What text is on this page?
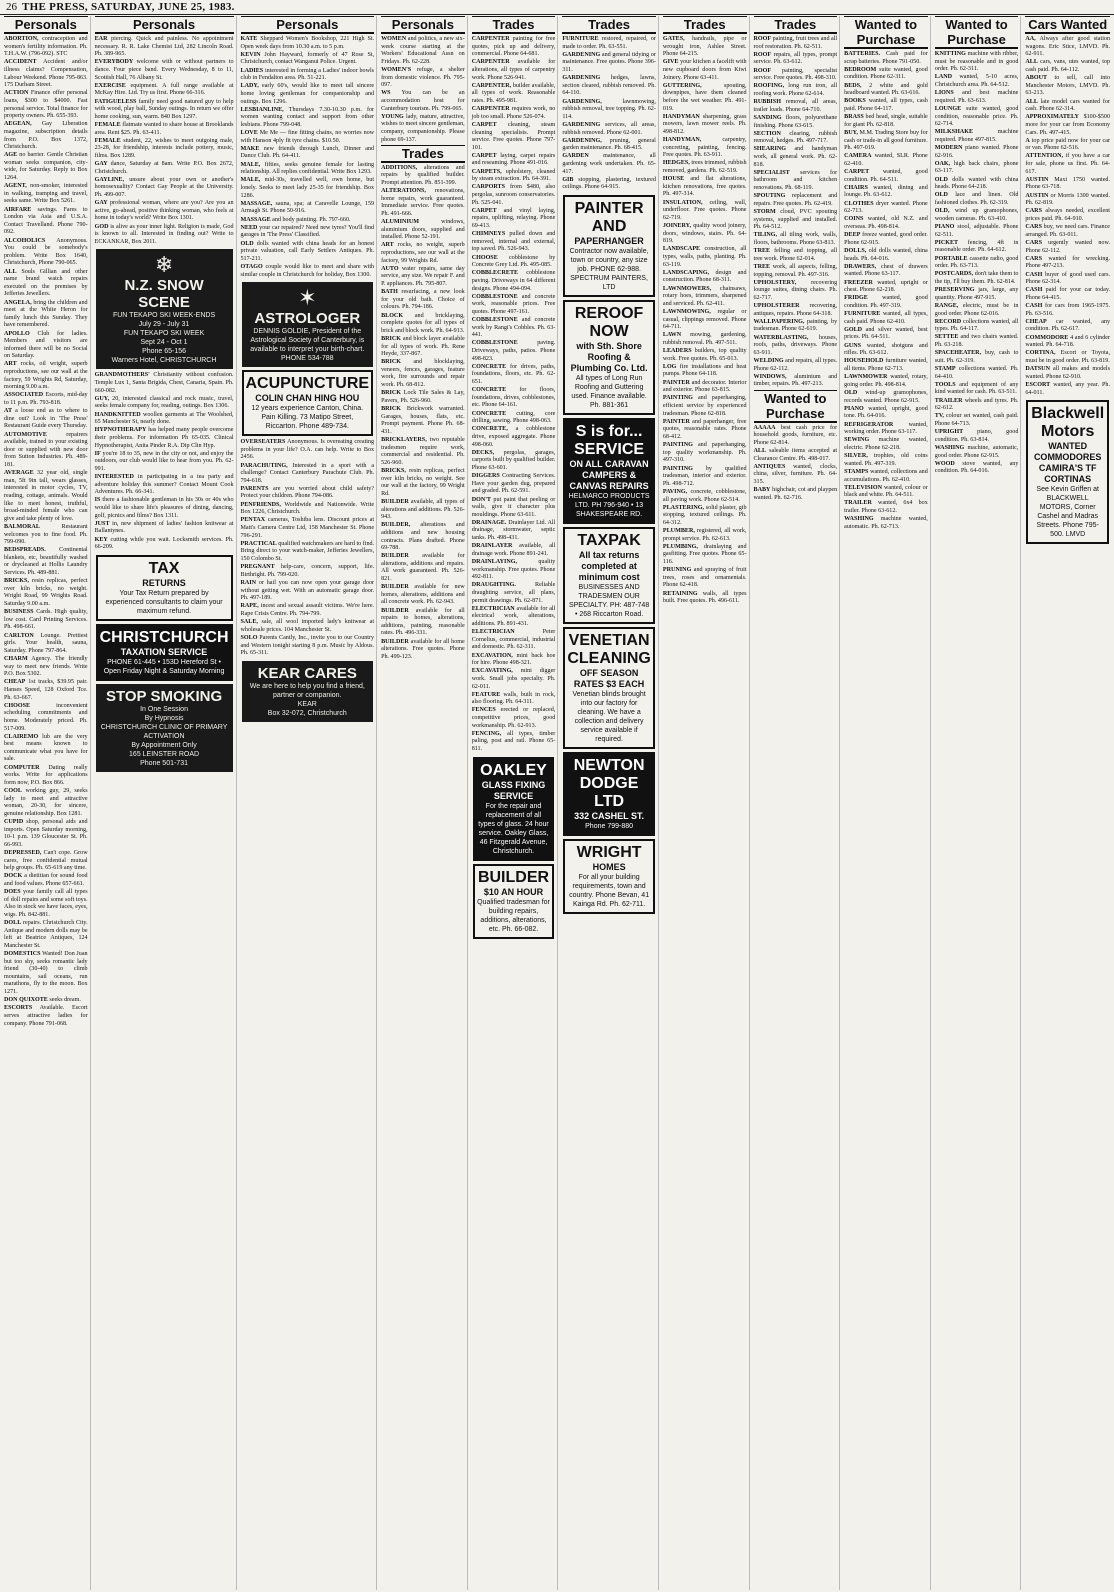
26 THE PRESS, SATURDAY, JUNE 25, 1983.
Personals

ABORTION, contraception and women's fertility information. Ph. T.H.A.W. (796-092). STC

ACCIDENT Accident and/or illness claims? Compensation, Labour Weekend. Phone 795-863. 175 Durham Street.

ACTION Finance offer personal loans, $300 to $4000. Fast personal service. Total finance for property owners. Ph. 655-393.

AEGEAN, Gay Liberation magazine, subscription details from P.O. Box 1372, Christchurch.

AGE no barrier. Gentle Christian woman seeks companion, city-wide, for Saturday. Reply to Box 1264.

AGENT, non-smoker, interested in walking, tramping and travel, seeks same. Write Box 5261.

AIRFARE savings. Fares to London via Asia and U.S.A. Contact Travelland. Phone 790-092.

ALCOHOLICS Anonymous. You could be somebody's problem. Write Box 1640, Christchurch, Phone 790-065.

ALL Souls Gillian and other name brand watch repairs executed on the premises by Jefferies Jewellers.

ANGELA, bring the children and meet at the White Heron for family lunch this Sunday. They have remembered.

APOLLO Club for ladies. Members and visitors are informed there will be no Social on Saturday.

ART rocks, oil wright, superb reproductions, see our wall at the factory, 59 Wrights Rd, Saturday, morning 9.00 a.m.

ASSOCIATED Escorts, mid-day to 11 p.m. Ph. 793-818.

AT a loose end as to where to dine out? Look in 'The Press' Restaurant Guide every Thursday.

AUTOMOTIVE repairers available, trained to your existing door or supplied with new door from Sutton Industries. Ph. 489-181.

AVERAGE 32 year old, single man, 5ft 9in tall, wears glasses, interested in motor cycles, TV, reading, cottage, animals. Would like to meet honest, truthful, broad-minded female who can give and take plenty of love.

BALMORAL Restaurant welcomes you to fine food. Ph. 799-090.

BEDSPREADS. Continental blankets, etc, beautifully washed or drycleaned at Hollis Laundry Services. Ph. 489-881.

BRICKS, resin replicas, perfect over kiln bricks, no weight. Wright Road, 99 Wrights Road. Saturday 9.00 a.m.

BUSINESS Cards. High quality, low cost. Card Printing Services. Ph. 498-661.

CARLTON Lounge. Prettiest girls. Your health, sauna, Saturday. Phone 797-864.

CHARM Agency. The friendly way to meet new friends. Write P.O. Box 5302.

CHEAP 1st tracks, $39.95 pair. Hanses Speed, 128 Oxford Tce. Ph. 63-667.

CHOOSE inconvenient scheduling commitments and home. Moderately priced. Ph. 517-009.

CLAIREMO lub are the very best means known to communicate what you have for sale.

COMPUTER Dating really works. Write for applications form now, P.O. Box 866.

COOL working guy, 29, seeks lady to meet and attractive woman, 20-30, for sincere, genuine relationship. Box 1281.

CUPID shop, personal aids and imports. Open Saturday morning, 10-1 p.m. 139 Gloucester St. Ph. 66-993.

DEPRESSED, Can't cope. Grow cares, free confidential mutual help groups. Ph. 65-619 any time.

DOCK a dietitian for sound food and food values. Phone 657-661.

DOES your family call all types of doll repairs and some soft toys. Also in stock we have faces, eyes, wigs. Ph. 842-881.

DOLL repairs. Christchurch City. Antique and modern dolls may be left at Beatrice Antiques, 124 Manchester St.

DOMESTICS Wanted! Don Juan but too shy, seeks romantic lady friend (30-40) to climb mountains, sail oceans, run marathons, fly to the moon. Box 1271.

DON QUIXOTE seeks dream.

ESCORTS Available. Escort serves attractive ladies for company. Phone 791-068.

Personals

EAR piercing. Quick and painless. No appointment necessary. R. R. Lake Chemist Ltd, 282 Lincoln Road. Ph. 389-965.

EVERYBODY welcome with or without partners to dance. Four piece band. Every Wednesday, 8 to 11, Scottish Hall, 76 Albany St.

EXERCISE equipment. A full range available at McKay Hire. Ltd. Try us first. Phone 66-316.

FATIGUELESS family need good natured guy to help with wood, play ball, Sunday outings. In return we offer home cooking, sun, warm. 840 Box 1297.

FEMALE flatmate wanted to share house at Brooklands area. Rent $25. Ph. 63-411.

FEMALE student, 22, wishes to meet outgoing male, 23-28, for friendship, interests include pottery, music, films. Box 1289.

GAY dance, Saturday at 8am. Write P.O. Box 2672, Christchurch.

GAYLINE, unsure about your own or another's homosexuality? Contact Gay People at the University. Ph. 499-007.

GAY professional woman, where are you? Are you an active, go-ahead, positive thinking woman, who feels at home in today's world? Write Box 1301.

GOD is alive as your inner light. Religion is made, God is known to all. Interested in finding out? Write to ECKANKAR, Box 2011.

❄
N.Z. SNOW SCENE
FUN TEKAPO SKI WEEK-ENDS
July 29 - July 31
FUN TEKAPO SKI WEEK
Sept 24 - Oct 1
Phone 65-156
Warners Hotel, CHRISTCHURCH

GRANDMOTHERS' Christianity without confusion. Temple Lux 1, Santa Brigida, Chest, Canaria, Spain. Ph. 660-082.

GUY, 20, interested classical and rock music, travel, seeks female company for, reading, outings. Box 1306.

HANDKNITTED woollen garments at The Woolshed, 65 Manchester St, nearly done.

HYPNOTHERAPY has helped many people overcome their problems. For information Ph 65-035. Clinical Hypnotherapist, Anita Pinder R.A. Dip Clin Hyp.

IF you're 18 to 35, new in the city or not, and enjoy the outdoors, our club would like to hear from you. Ph. 62-991.

INTERESTED in participating in a tea party and adventure holiday this summer? Contact Mount Cook Adventures. Ph. 66-341.

IS there a fashionable gentleman in his 30s or 40s who would like to share life's pleasures of dining, dancing, golf, picnics and films? Box 1311.

JUST in, new shipment of ladies' fashion knitwear at Ballantynes.

KEY cutting while you wait. Locksmith services. Ph. 66-209.

TAX
RETURNS
Your Tax Return prepared by experienced consultants to claim your maximum refund.
CHRISTCHURCH
TAXATION SERVICE
PHONE 61-445 • 153D Hereford St • Open Friday Night & Saturday Morning
STOP SMOKING
In One Session
By Hypnosis
CHRISTCHURCH CLINIC OF PRIMARY ACTIVATION
By Appointment Only
165 LEINSTER ROAD
Phone 501-731
Personals

KATE Sheppard Women's Bookshop, 221 High St. Open week days from 10.30 a.m. to 5 p.m.

KEVIN John Hayward, formerly of 47 Rose St, Christchurch, contact Wanganui Police. Urgent.

LADIES interested in forming a Ladies' indoor bowls club in Fendalton area. Ph. 51-221.

LADY, early 60's, would like to meet tall sincere home loving gentleman for companionship and outings. Box 1296.

LESBIANLINE, Thursdays 7.30-10.30 p.m. for women wanting contact and support from other lesbians. Phone 799-048.

LOVE Me Me — fine fitting chains, no worries now with Hanson 4ply fit tyre chains. $10.50.

MAKE new friends through Lunch, Dinner and Dance Club. Ph. 64-411.

MALE, fifties, seeks genuine female for lasting relationship. All replies confidential. Write Box 1293.

MALE, mid-30s, travelled well, own home, but lonely. Seeks to meet lady 25-35 for friendship. Box 1286.

MASSAGE, sauna, spa; at Caravelle Lounge, 159 Armagh St. Phone 50-916.

MASSAGE and body painting. Ph. 797-660.

NEED your car repaired? Need new tyres? You'll find garages in 'The Press' Classified.

OLD dolls wanted with china heads for an honest private valuation, call Early Settlers Antiques. Ph. 517-211.

OTAGO couple would like to meet and share with similar couple in Christchurch for holiday, Box 1300.

✶
ASTROLOGER
DENNIS GOLDIE, President of the Astrological Society of Canterbury, is available to interpret your birth-chart.
PHONE 534-788
ACUPUNCTURE
COLIN CHAN HING HOU
12 years experience Canton, China. Pain Killing. 73 Matipo Street, Riccarton. Phone 489-734.

OVERSEATERS Anonymous. Is overeating creating problems in your life? O.A. can help. Write to Box 2456.

PARACHUTING, Interested in a sport with a challenge? Contact Canterbury Parachute Club. Ph. 794-618.

PARENTS are you worried about child safety? Protect your children. Phone 794-086.

PENFRIENDS, Worldwide and Nationwide. Write Box 1226, Christchurch.

PENTAX cameras, Toshiba lens. Discount prices at Matt's Camera Centre Ltd, 158 Manchester St. Phone 796-291.

PRACTICAL qualified watchmakers are hard to find. Bring direct to your watch-maker, Jefferies Jewellers, 150 Colombo St.

PREGNANT help-care, concern, support, life. Birthright. Ph. 799-020.

RAIN or hail you can now open your garage door without getting wet. With an automatic garage door. Ph. 497-189.

RAPE, incest and sexual assault victims. We're here. Rape Crisis Centre. Ph. 794-799.

SALE, sale, all wool imported lady's knitwear at wholesale prices. 104 Manchester St.

SOLO Parents Cantly, Inc., invite you to our Country and Western tonight starting 8 p.m. Music by Aldous. Ph. 65-311.

KEAR CARES
We are here to help you find a friend, partner or companion.
KEAR
Box 32-072, Christchurch
Personals

WOMEN and politics, a new six-week course starting at the Workers' Educational Assn on Fridays. Ph. 62-228.

WOMEN'S refuge, a shelter from domestic violence. Ph. 795-097.

WS You can be an accommodation host for Canterbury tourism. Ph. 799-065.

YOUNG lady, mature, attractive, wishes to meet sincere gentleman, company, companionship. Please phone 69-137.

Trades

ADDITIONS, alterations and repairs by qualified builder. Prompt attention. Ph. 851-399.

ALTERATIONS, renovations, home repairs, work guaranteed. Immediate service. Free quotes. Ph. 491-666.

ALUMINIUM windows, aluminium doors, supplied and installed. Phone 52-191.

ART rocks, no weight, superb reproductions, see our wall at the factory, 99 Wrights Rd.

AUTO water repairs, same day service, any size. We repair F. and P. appliances. Ph. 795-807.

BATH resurfacing, a new look for your old bath. Choice of colours. Ph. 794-186.

BLOCK and bricklaying, complete quotes for all types of brick and block work. Ph. 64-913.

BRICK and block layer available for all types of work. Ph. Rene Heyde, 337-867.

BRICK and blocklaying, veneers, fences, garages, feature work, fire surrounds and repair work. Ph. 68-812.

BRICK Lock Tile Sales & Lay, Pavers, Ph. 526-960.

BRICK Brickwork warranted. Garages, houses, flats, etc. Prompt payment. Phone Ph. 68-431.

BRICKLAYERS, two reputable tradesmen require work, commercial and residential. Ph. 526-960.

BRICKS, resin replicas, perfect over kiln bricks, no weight. See our wall at the factory, 99 Wright Rd.

BUILDER available, all types of alterations and additions. Ph. 526-943.

BUILDER, alterations and additions and new housing contracts. Plans drafted. Phone 69-788.

BUILDER available for alterations, additions and repairs. All work guaranteed. Ph. 526-821.

BUILDER available for new homes, alterations, additions and all concrete work. Ph. 62-943.

BUILDER available for all repairs to homes, alterations, additions, painting, reasonable rates. Ph. 496-331.

BUILDER available for all home alterations. Free quotes. Phone Ph. 499-123.

Trades

CARPENTER painting for free quotes, pick up and delivery, commercial. Phone 64-681.

CARPENTER available for alterations, all types of carpentry work. Phone 526-941.

CARPENTER, builder available, all types of work. Reasonable rates. Ph. 495-981.

CARPENTER requires work, no job too small. Phone 526-074.

CARPET cleaning, steam cleaning specialists. Prompt service. Free quotes. Phone 797-101.

CARPET laying, carpet repairs and reseaming. Phone 491-016.

CARPETS, upholstery, cleaned by steam extraction. Ph. 64-391.

CARPORTS from $480, also pergolas, sunroom conservatories. Ph. 525-041.

CARPET and vinyl laying, repairs, uplifting, relaying. Phone 69-413.

CHIMNEYS pulled down and removed, internal and external, top saved. Ph. 526-943.

CHOOSE cobblestone by Concrete Grey Ltd. Ph. 495-085.

COBBLECRETE cobblestone paving. Driveways in 64 different designs. Phone 494-094.

COBBLESTONE and concrete work, reasonable prices. Free quotes. Phone 497-161.

COBBLESTONE and concrete work by Rangi's Cobbles. Ph. 63-441.

COBBLESTONE paving. Driveways, paths, patios. Phone 498-823.

CONCRETE for drives, paths, foundations, floors, etc. Ph. 62-651.

CONCRETE for floors, foundations, drives, cobblestones, etc. Phone 64-161.

CONCRETE cutting, core drilling, sawing. Phone 498-063.

CONCRETE, a cobblestone drive, exposed aggregate. Phone 498-060.

DECKS, pergolas, garages, carports built by qualified builder. Phone 63-601.

DIGGERS Contracting Services. Have your garden dug, prepared and graded. Ph. 62-591.

DON'T put paint that peeling or walls, give it character plus mouldings. Phone 63-611.

DRAINAGE. Drainlayer Ltd. All drainage, stormwater, septic tanks. Ph. 498-431.

DRAINLAYER available, all drainage work. Phone 891-241.

DRAINLAYING, quality workmanship. Free quotes. Phone 492-811.

DRAUGHTING. Reliable draughting service, all plans, permit drawings. Ph. 62-871.

ELECTRICIAN available for all electrical work, alterations, additions. Ph. 891-431.

ELECTRICIAN Peter Cornelius, commercial, industrial and domestic. Ph. 62-311.

EXCAVATION, mini back hoe for hire. Phone 498-321.

EXCAVATING, mini digger work. Small jobs specialty. Ph. 62-011.

FEATURE walls, built in rock, also flooring. Ph. 64-311.

FENCES erected or replaced, competitive prices, good workmanship. Ph. 62-913.

FENCING, all types, timber paling, post and rail. Phone 65-811.

OAKLEY
GLASS FIXING SERVICE
For the repair and replacement of all types of glass. 24 hour service. Oakley Glass, 46 Fitzgerald Avenue, Christchurch.
BUILDER
$10 AN HOUR
Qualified tradesman for building repairs, additions, alterations, etc. Ph. 66-082.
Trades

FURNITURE restored, repaired, or made to order. Ph. 63-551.

GARDENING and general tidying or maintenance. Free quotes. Phone 396-311.

GARDENING hedges, lawns, section cleared, rubbish removed. Ph. 64-110.

GARDENING, lawnmowing, rubbish removal, tree topping. Ph. 62-114.

GARDENING services, all areas, rubbish removed. Phone 62-001.

GARDENING, pruning, general garden maintenance. Ph. 68-415.

GARDEN maintenance, all gardening work undertaken. Ph. 65-417.

GIB stopping, plastering, textured ceilings. Phone 64-915.

PAINTER AND
PAPERHANGER
Contractor now available, town or country, any size job. PHONE 62-988. SPECTRUM PAINTERS, LTD
REROOF NOW
with Sth. Shore Roofing & Plumbing Co. Ltd.
All types of Long Run Roofing and Guttering used. Finance available. Ph. 881-361
S is for... SERVICE
ON ALL CARAVAN CAMPERS & CANVAS REPAIRS
HELMARCO PRODUCTS LTD. PH 796-940 • 13 SHAKESPEARE RD.
TAXPAK
All tax returns completed at minimum cost
BUSINESSES AND TRADESMEN OUR SPECIALTY. PH: 487-748 • 268 Riccarton Road.
VENETIAN CLEANING
OFF SEASON RATES $3 EACH
Venetian blinds brought into our factory for cleaning. We have a collection and delivery service available if required.
NEWTON DODGE LTD
332 CASHEL ST.
Phone 799-880
WRIGHT
HOMES
For all your building requirements, town and country. Phone Bevan, 41 Kainga Rd. Ph. 62-711.
Trades

GATES, handrails, pipe or wrought iron, Ashlee Street. Phone 64-215.

GIVE your kitchen a facelift with new cupboard doors from Kiwi Joinery. Phone 63-411.

GUTTERING, spouting, downpipes, have them cleaned before the wet weather. Ph. 491-019.

HANDYMAN sharpening, grass mowers, lawn mower reels. Ph. 498-812.

HANDYMAN, carpentry, concreting, painting, fencing. Free quotes. Ph. 63-911.

HEDGES, trees trimmed, rubbish removed, gardens. Ph. 62-519.

HOUSE and flat alterations, kitchen renovations, free quotes. Ph. 497-314.

INSULATION, ceiling, wall, underfloor. Free quotes. Phone 62-719.

JOINERY, quality wood joinery, doors, windows, stairs. Ph. 64-819.

LANDSCAPE construction, all types, walls, paths, planting. Ph. 63-119.

LANDSCAPING, design and construction. Phone 68-311.

LAWNMOWERS, chainsaws, rotary hoes, trimmers, sharpened and serviced. Ph. 62-411.

LAWNMOWING, regular or casual, clippings removed. Phone 64-711.

LAWN mowing, gardening, rubbish removal. Ph. 497-511.

LEADERS builders, top quality work. Free quotes. Ph. 65-013.

LOG fire installations and heat pumps. Phone 64-118.

PAINTER and decorator. Interior and exterior. Phone 63-815.

PAINTING and paperhanging, efficient service by experienced tradesman. Phone 62-818.

PAINTER and paperhanger, free quotes, reasonable rates. Phone 68-412.

PAINTING and paperhanging, top quality workmanship. Ph. 497-310.

PAINTING by qualified tradesman, interior and exterior. Ph. 498-712.

PAVING, concrete, cobblestone, all paving work. Phone 62-514.

PLASTERING, solid plaster, gib stopping, textured ceilings. Ph. 64-312.

PLUMBER, registered, all work, prompt service. Ph. 62-613.

PLUMBING, drainlaying and gasfitting. Free quotes. Phone 65-116.

PRUNING and spraying of fruit trees, roses and ornamentals. Phone 62-418.

RETAINING walls, all types built. Free quotes. Ph. 496-611.

Trades

ROOF painting, fruit trees and all roof restoration. Ph. 62-511.

ROOF repairs, all types, prompt service. Ph. 63-612.

ROOF painting, specialist service. Free quotes. Ph. 498-310.

ROOFING, long run iron, all roofing work. Phone 62-614.

RUBBISH removal, all areas, trailer loads. Phone 64-710.

SANDING floors, polyurethane finishing. Phone 63-615.

SECTION clearing, rubbish removal, hedges. Ph. 497-717.

SHEARING and handyman work, all general work. Ph. 62-818.

SPECIALIST services for bathroom and kitchen renovations. Ph. 68-119.

SPOUTING replacement and repairs. Free quotes. Ph. 62-419.

STORM cloud, PVC spouting systems, supplied and installed. Ph. 64-512.

TILING, all tiling work, walls, floors, bathrooms. Phone 63-813.

TREE felling and topping, all tree work. Phone 62-014.

TREE work, all aspects, felling, topping, removal. Ph. 497-316.

UPHOLSTERY, recovering lounge suites, dining chairs. Ph. 62-717.

UPHOLSTERER recovering, antiques, repairs. Phone 64-318.

WALLPAPERING, painting, by tradesman. Phone 62-619.

WATERBLASTING, houses, roofs, paths, driveways. Phone 63-911.

WELDING and repairs, all types. Phone 62-112.

WINDOWS, aluminium and timber, repairs. Ph. 497-213.

Wanted to Purchase

AAAAA best cash price for household goods, furniture, etc. Phone 62-814.

ALL saleable items accepted at Clearance Centre. Ph. 498-017.

ANTIQUES wanted, clocks, china, silver, furniture. Ph. 64-315.

BABY highchair, cot and playpen wanted. Ph. 62-716.

Wanted to Purchase

BATTERIES. Cash paid for scrap batteries. Phone 791-050.

BEDROOM suite wanted, good condition. Phone 62-311.

BEDS, 2 white and gold headboard wanted. Ph. 63-616.

BOOKS wanted, all types, cash paid. Phone 64-117.

BRASS bed head, single, suitable for giant Ph. 62-818.

BUY, M.M. Trading Store buy for cash or trade-in all good furniture. Ph. 497-019.

CAMERA wanted, SLR. Phone 62-410.

CARPET wanted, good condition. Ph. 64-511.

CHAIRS wanted, dining and lounge. Ph. 63-612.

CLOTHES dryer wanted. Phone 62-713.

COINS wanted, old N.Z. and overseas. Ph. 498-814.

DEEP freeze wanted, good order. Phone 62-915.

DOLLS, old dolls wanted, china heads. Ph. 64-016.

DRAWERS, chest of drawers wanted. Phone 63-117.

FREEZER wanted, upright or chest. Phone 62-218.

FRIDGE wanted, good condition. Ph. 497-319.

FURNITURE wanted, all types, cash paid. Phone 62-410.

GOLD and silver wanted, best prices. Ph. 64-511.

GUNS wanted, shotguns and rifles. Ph. 63-612.

HOUSEHOLD furniture wanted, all items. Phone 62-713.

LAWNMOWER wanted, rotary, going order. Ph. 498-814.

OLD wind-up gramophones, records wanted. Phone 62-915.

PIANO wanted, upright, good tone. Ph. 64-016.

REFRIGERATOR wanted, working order. Phone 63-117.

SEWING machine wanted, electric. Phone 62-218.

SILVER, trophies, old coins wanted. Ph. 497-319.

STAMPS wanted, collections and accumulations. Ph. 62-410.

TELEVISION wanted, colour or black and white. Ph. 64-511.

TRAILER wanted, 6x4 box trailer. Phone 63-612.

WASHING machine wanted, automatic. Ph. 62-713.

Wanted to Purchase

KNITTING machine with ribber, must be reasonable and in good order. Ph. 62-311.

LAND wanted, 5-10 acres, Christchurch area. Ph. 64-512.

LIONS and best machine required. Ph. 63-613.

LOUNGE suite wanted, good condition, reasonable price. Ph. 62-714.

MILKSHAKE machine required. Phone 497-815.

MODERN piano wanted. Phone 62-916.

OAK, high back chairs, phone 63-117.

OLD dolls wanted with china heads. Phone 64-218.

OLD lace and linen. Old fashioned clothes. Ph. 62-319.

OLD, wind up gramophones, wooden cameras. Ph. 63-410.

PIANO stool, adjustable. Phone 62-511.

PICKET fencing, 4ft in reasonable order. Ph. 64-612.

PORTABLE cassette radio, good order. Ph. 63-713.

POSTCARDS, don't take them to the tip, I'll buy them. Ph. 62-814.

PRESERVING jars, large, any quantity. Phone 497-915.

RANGE, electric, must be in good order. Phone 62-016.

RECORD collections wanted, all types. Ph. 64-117.

SETTEE and two chairs wanted. Ph. 63-218.

SPACEHEATER, buy, cash to suit. Ph. 62-319.

STAMP collections wanted. Ph. 64-410.

TOOLS and equipment of any kind wanted for cash. Ph. 63-511.

TRAILER wheels and tyres. Ph. 62-612.

TV, colour set wanted, cash paid. Phone 64-713.

UPRIGHT piano, good condition. Ph. 63-814.

WASHING machine, automatic, good order. Phone 62-915.

WOOD stove wanted, any condition. Ph. 64-016.

Cars Wanted

AA, Always after good station wagons. Eric Stice, LMVD. Ph. 62-911.

ALL cars, vans, utes wanted, top cash paid. Ph. 64-112.

ABOUT to sell, call into Manchester Motors, LMVD. Ph. 63-213.

ALL late model cars wanted for cash. Phone 62-314.

APPROXIMATELY $100-$500 more for your car from Economy Cars. Ph. 497-415.

A top price paid now for your car or van. Phone 62-516.

ATTENTION, if you have a car for sale, phone us first. Ph. 64-617.

AUSTIN Maxi 1750 wanted. Phone 63-718.

AUSTIN or Morris 1300 wanted. Ph. 62-819.

CARS always needed, excellent prices paid. Ph. 64-910.

CARS buy, we need cars. Finance arranged. Ph. 63-011.

CARS urgently wanted now. Phone 62-112.

CARS wanted for wrecking. Phone 497-213.

CASH buyer of good used cars. Phone 62-314.

CASH paid for your car today. Phone 64-415.

CASH for cars from 1965-1975. Ph. 63-516.

CHEAP car wanted, any condition. Ph. 62-617.

COMMODORE 4 and 6 cylinder wanted. Ph. 64-718.

CORTINA, Escort or Toyota, must be in good order. Ph. 63-819.

DATSUN all makes and models wanted. Phone 62-910.

ESCORT wanted, any year. Ph. 64-011.

Blackwell Motors
WANTED COMMODORES CAMIRA'S TF CORTINAS
See Kevin Griffen at BLACKWELL MOTORS, Corner Cashel and Madras Streets. Phone 795-500. LMVD
